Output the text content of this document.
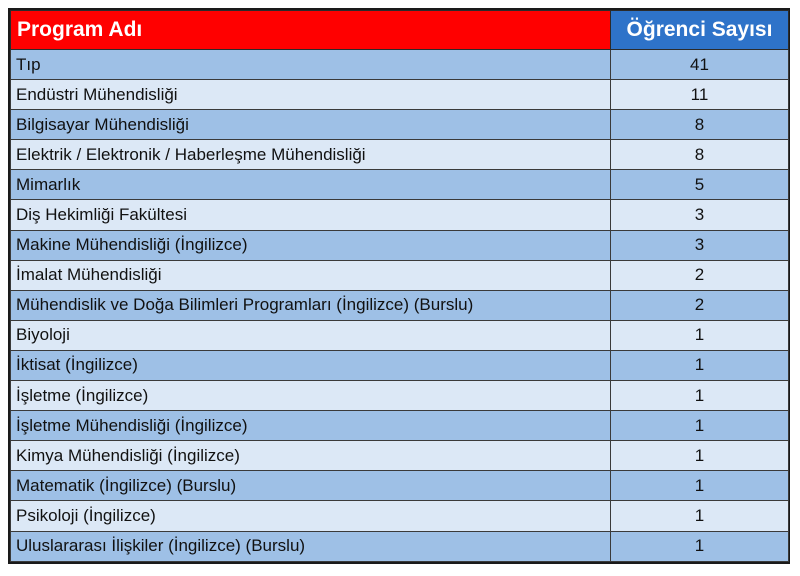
Program Adı	Öğrenci Sayısı
Tıp	41
Endüstri Mühendisliği	11
Bilgisayar Mühendisliği	8
Elektrik / Elektronik / Haberleşme Mühendisliği	8
Mimarlık	5
Diş Hekimliği Fakültesi	3
Makine Mühendisliği (İngilizce)	3
İmalat Mühendisliği	2
Mühendislik ve Doğa Bilimleri Programları (İngilizce) (Burslu)	2
Biyoloji	1
İktisat (İngilizce)	1
İşletme (İngilizce)	1
İşletme Mühendisliği (İngilizce)	1
Kimya Mühendisliği (İngilizce)	1
Matematik (İngilizce) (Burslu)	1
Psikoloji (İngilizce)	1
Uluslararası İlişkiler (İngilizce) (Burslu)	1
